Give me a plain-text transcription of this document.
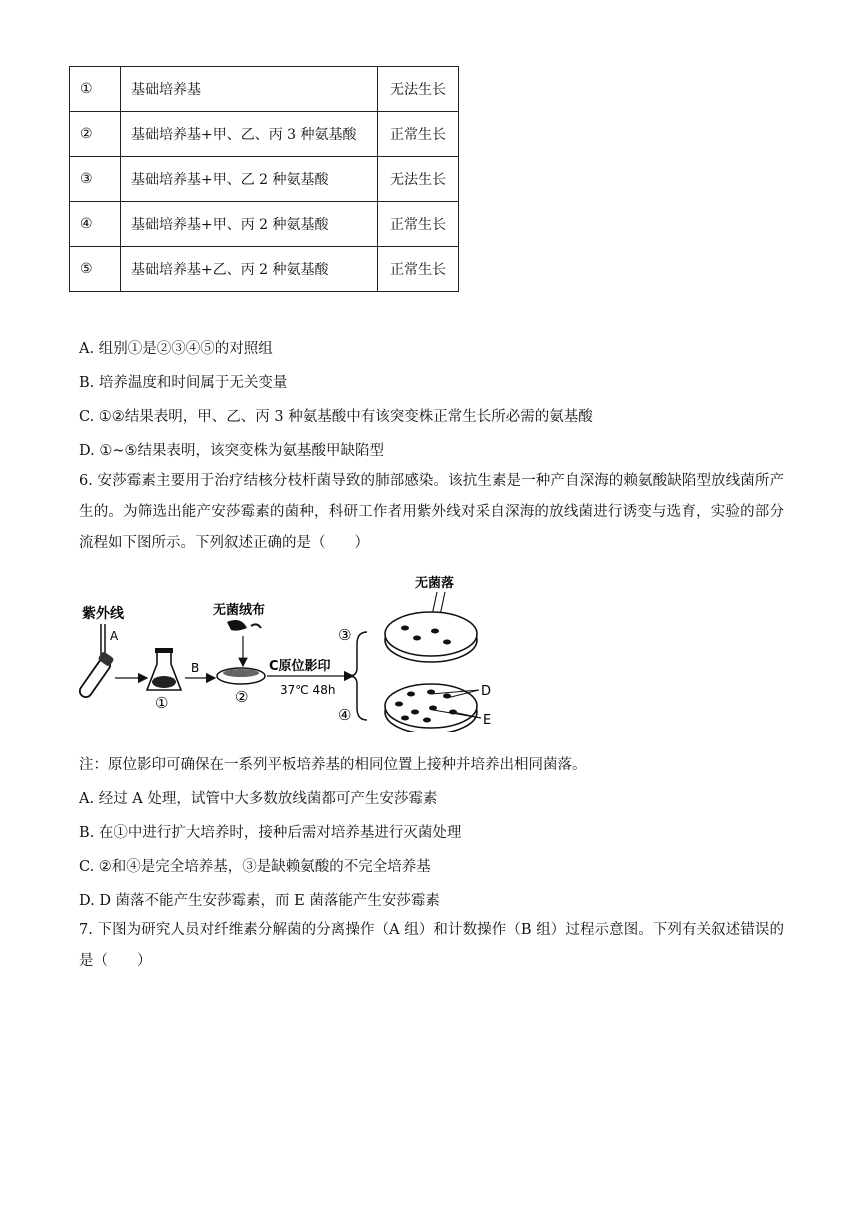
①	基础培养基	无法生长
②	基础培养基+甲、乙、丙 3 种氨基酸	正常生长
③	基础培养基+甲、乙 2 种氨基酸	无法生长
④	基础培养基+甲、丙 2 种氨基酸	正常生长
⑤	基础培养基+乙、丙 2 种氨基酸	正常生长
A. 组别①是②③④⑤的对照组
B. 培养温度和时间属于无关变量
C. ①②结果表明，甲、乙、丙 3 种氨基酸中有该突变株正常生长所必需的氨基酸
D. ①~⑤结果表明，该突变株为氨基酸甲缺陷型
6. 安莎霉素主要用于治疗结核分枝杆菌导致的肺部感染。该抗生素是一种产自深海的赖氨酸缺陷型放线菌所产生的。为筛选出能产安莎霉素的菌种，科研工作者用紫外线对采自深海的放线菌进行诱变与选育，实验的部分流程如下图所示。下列叙述正确的是（　　）
紫外线
A
①
B
无菌绒布
②
C原位影印
37℃ 48h
无菌落
③
④
D
E
注：原位影印可确保在一系列平板培养基的相同位置上接种并培养出相同菌落。
A. 经过 A 处理，试管中大多数放线菌都可产生安莎霉素
B. 在①中进行扩大培养时，接种后需对培养基进行灭菌处理
C. ②和④是完全培养基，③是缺赖氨酸的不完全培养基
D. D 菌落不能产生安莎霉素，而 E 菌落能产生安莎霉素
7. 下图为研究人员对纤维素分解菌的分离操作（A 组）和计数操作（B 组）过程示意图。下列有关叙述错误的是（　　）
